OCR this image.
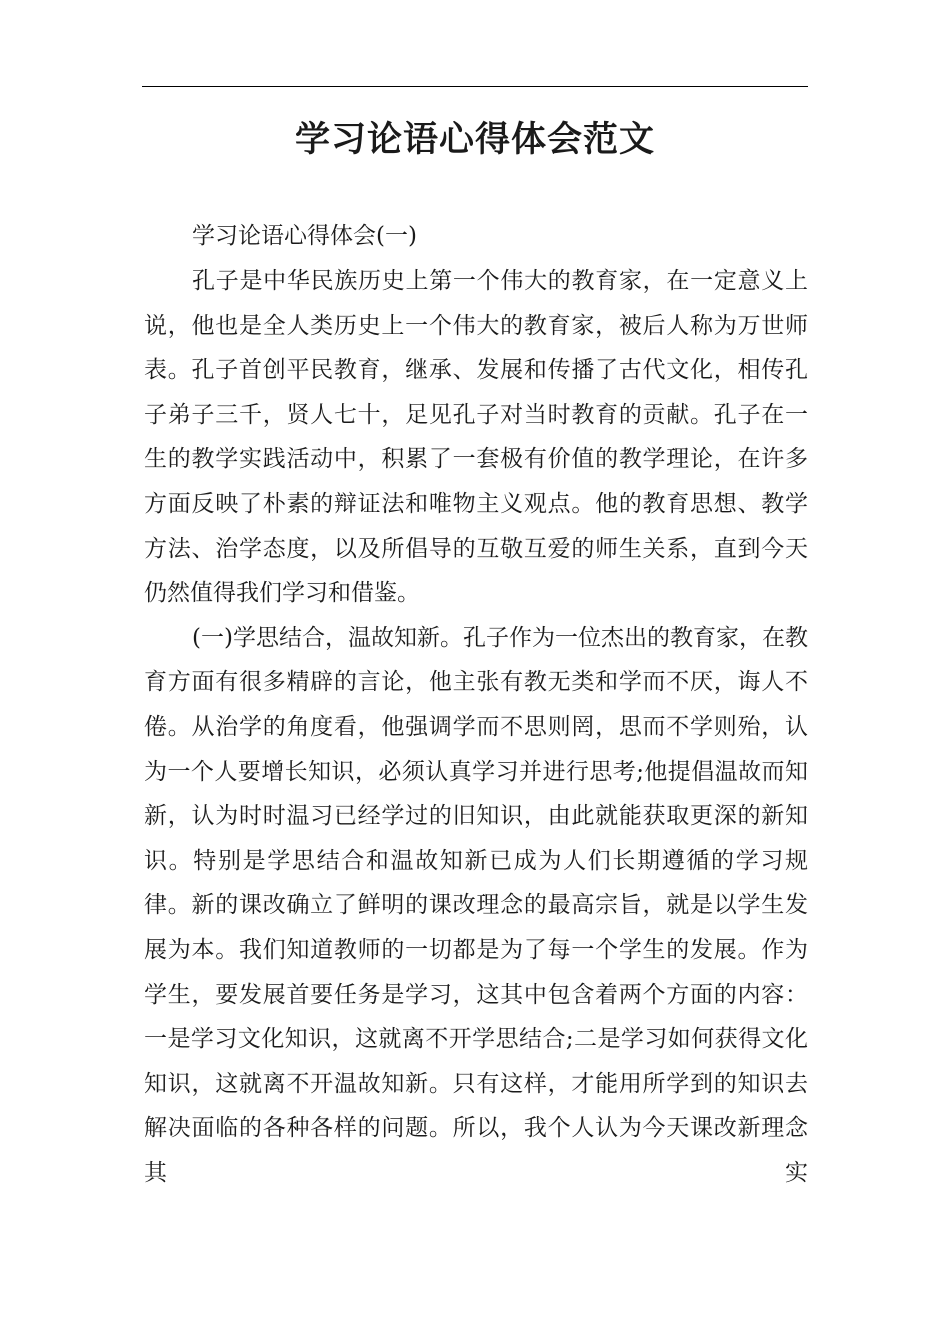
学习论语心得体会范文

学习论语心得体会(一)

孔子是中华民族历史上第一个伟大的教育家，在一定意义上说，他也是全人类历史上一个伟大的教育家，被后人称为万世师表。孔子首创平民教育，继承、发展和传播了古代文化，相传孔子弟子三千，贤人七十，足见孔子对当时教育的贡献。孔子在一生的教学实践活动中，积累了一套极有价值的教学理论，在许多方面反映了朴素的辩证法和唯物主义观点。他的教育思想、教学方法、治学态度，以及所倡导的互敬互爱的师生关系，直到今天仍然值得我们学习和借鉴。

(一)学思结合，温故知新。孔子作为一位杰出的教育家，在教育方面有很多精辟的言论，他主张有教无类和学而不厌，诲人不倦。从治学的角度看，他强调学而不思则罔，思而不学则殆，认为一个人要增长知识，必须认真学习并进行思考;他提倡温故而知新，认为时时温习已经学过的旧知识，由此就能获取更深的新知识。特别是学思结合和温故知新已成为人们长期遵循的学习规律。新的课改确立了鲜明的课改理念的最高宗旨，就是以学生发展为本。我们知道教师的一切都是为了每一个学生的发展。作为学生，要发展首要任务是学习，这其中包含着两个方面的内容：一是学习文化知识，这就离不开学思结合;二是学习如何获得文化知识，这就离不开温故知新。只有这样，才能用所学到的知识去解决面临的各种各样的问题。所以，我个人认为今天课改新理念其实
